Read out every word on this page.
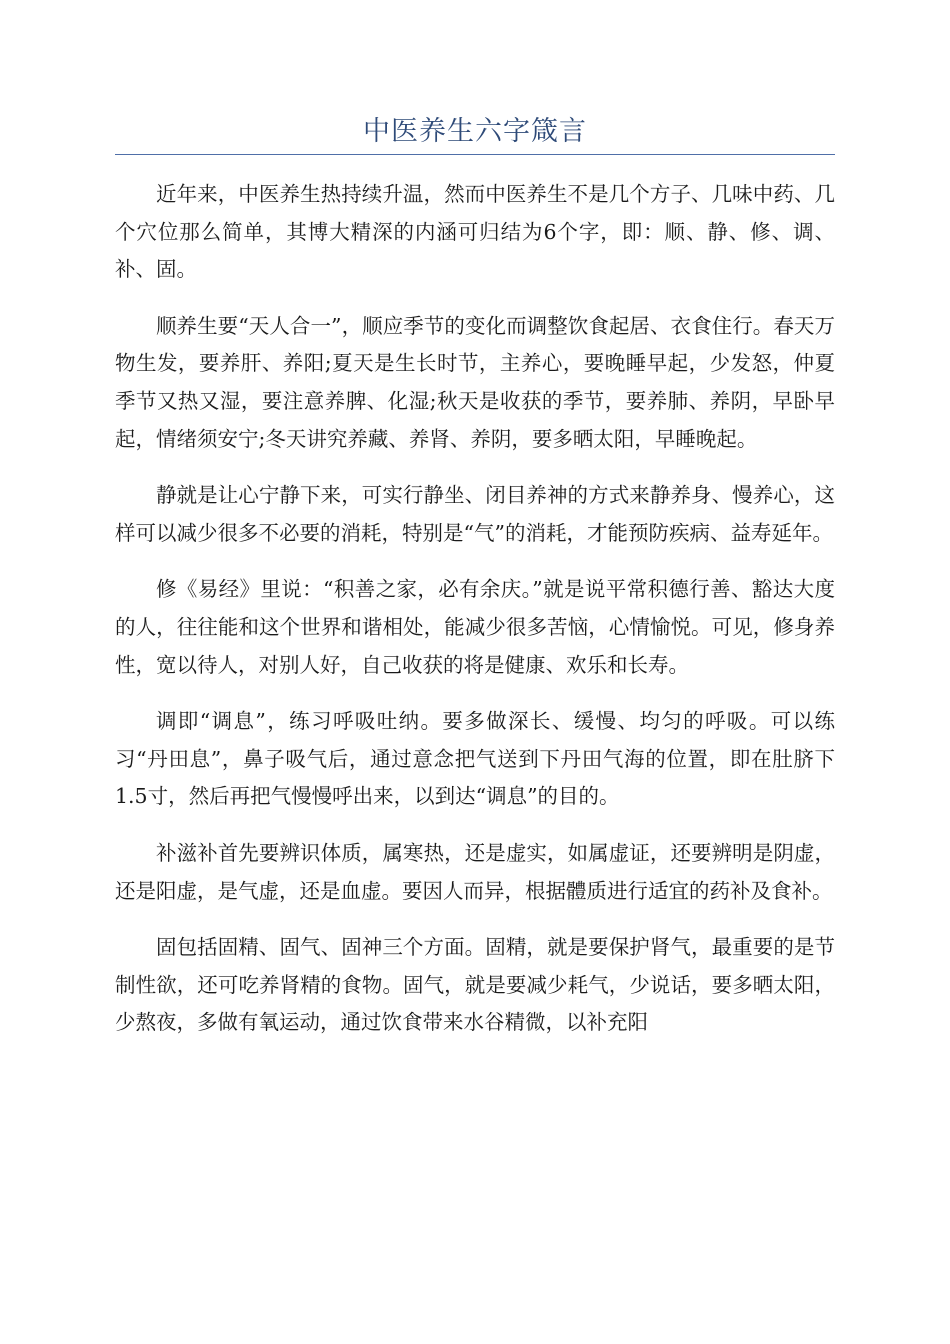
中医养生六字箴言

近年来，中医养生热持续升温，然而中医养生不是几个方子、几味中药、几个穴位那么简单，其博大精深的内涵可归结为6个字，即：顺、静、修、调、补、固。

顺养生要“天人合一”，顺应季节的变化而调整饮食起居、衣食住行。春天万物生发，要养肝、养阳;夏天是生长时节，主养心，要晚睡早起，少发怒，仲夏季节又热又湿，要注意养脾、化湿;秋天是收获的季节，要养肺、养阴，早卧早起，情绪须安宁;冬天讲究养藏、养肾、养阴，要多晒太阳，早睡晚起。

静就是让心宁静下来，可实行静坐、闭目养神的方式来静养身、慢养心，这样可以减少很多不必要的消耗，特别是“气”的消耗，才能预防疾病、益寿延年。

修《易经》里说：“积善之家，必有余庆。”就是说平常积德行善、豁达大度的人，往往能和这个世界和谐相处，能减少很多苦恼，心情愉悦。可见，修身养性，宽以待人，对别人好，自己收获的将是健康、欢乐和长寿。

调即“调息”，练习呼吸吐纳。要多做深长、缓慢、均匀的呼吸。可以练习“丹田息”，鼻子吸气后，通过意念把气送到下丹田气海的位置，即在肚脐下1.5寸，然后再把气慢慢呼出来，以到达“调息”的目的。

补滋补首先要辨识体质，属寒热，还是虚实，如属虚证，还要辨明是阴虚，还是阳虚，是气虚，还是血虚。要因人而异，根据體质进行适宜的药补及食补。

固包括固精、固气、固神三个方面。固精，就是要保护肾气，最重要的是节制性欲，还可吃养肾精的食物。固气，就是要减少耗气，少说话，要多晒太阳，少熬夜，多做有氧运动，通过饮食带来水谷精微，以补充阳
